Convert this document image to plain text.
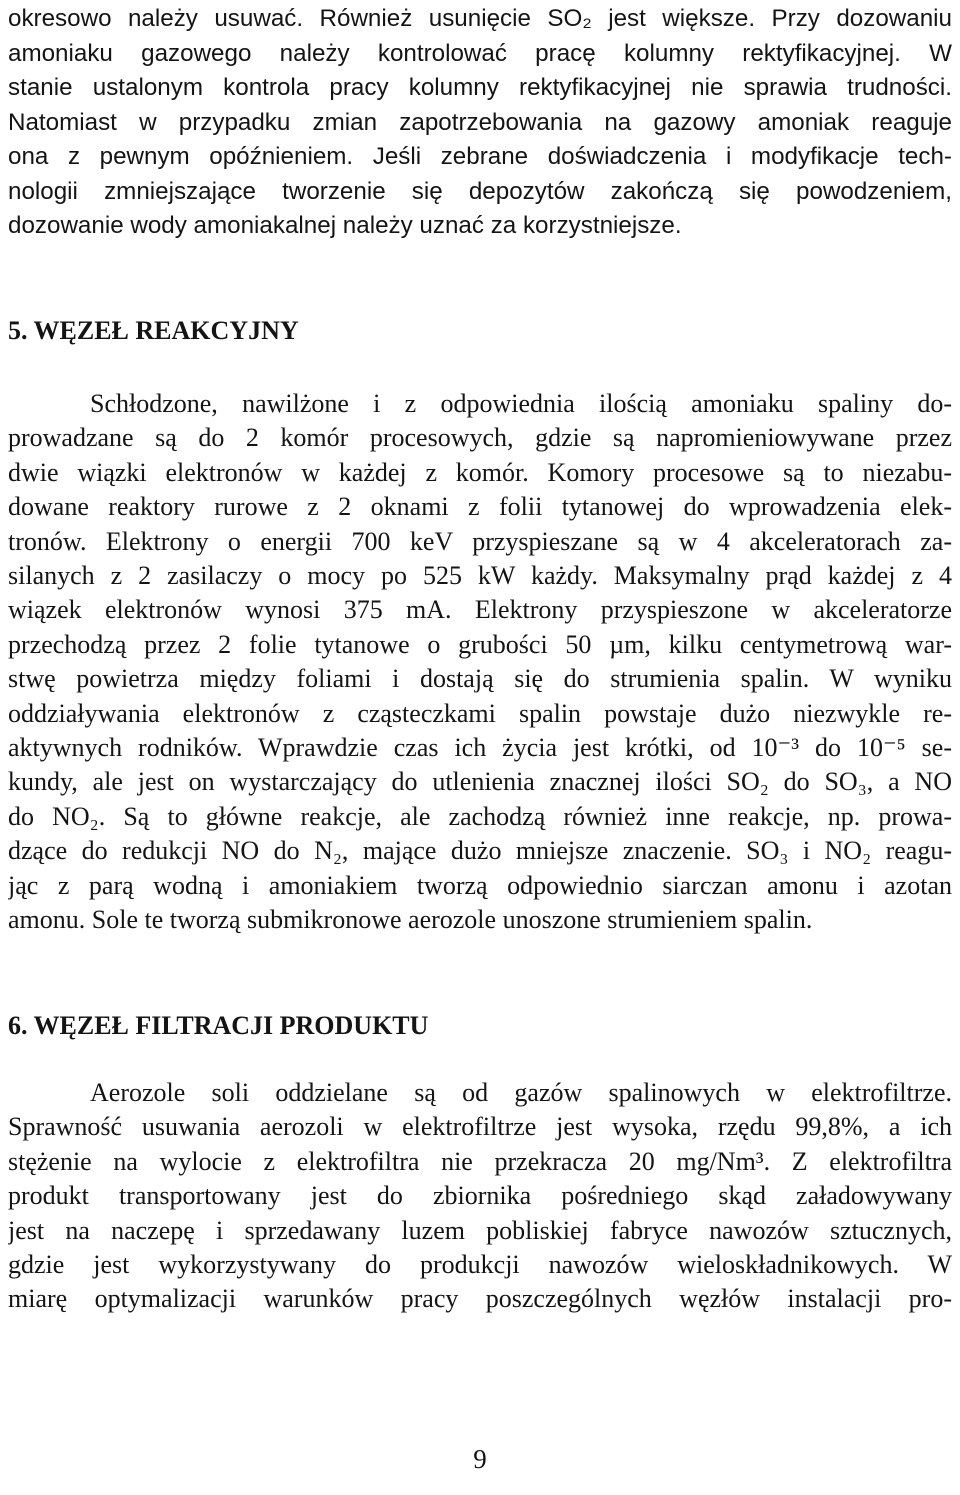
okresowo należy usuwać. Również usunięcie SO₂ jest większe. Przy dozowaniu
amoniaku gazowego należy kontrolować pracę kolumny rektyfikacyjnej. W
stanie ustalonym kontrola pracy kolumny rektyfikacyjnej nie sprawia trudności.
Natomiast w przypadku zmian zapotrzebowania na gazowy amoniak reaguje
ona z pewnym opóźnieniem. Jeśli zebrane doświadczenia i modyfikacje tech-
nologii zmniejszające tworzenie się depozytów zakończą się powodzeniem,
dozowanie wody amoniakalnej należy uznać za korzystniejsze.
5. WĘZEŁ REAKCYJNY
Schłodzone, nawilżone i z odpowiednia ilością amoniaku spaliny do-
prowadzane są do 2 komór procesowych, gdzie są napromieniowywane przez
dwie wiązki elektronów w każdej z komór. Komory procesowe są to niezabu-
dowane reaktory rurowe z 2 oknami z folii tytanowej do wprowadzenia elek-
tronów. Elektrony o energii 700 keV przyspieszane są w 4 akceleratorach za-
silanych z 2 zasilaczy o mocy po 525 kW każdy. Maksymalny prąd każdej z 4
wiązek elektronów wynosi 375 mA. Elektrony przyspieszone w akceleratorze
przechodzą przez 2 folie tytanowe o grubości 50 µm, kilku centymetrową war-
stwę powietrza między foliami i dostają się do strumienia spalin. W wyniku
oddziaływania elektronów z cząsteczkami spalin powstaje dużo niezwykle re-
aktywnych rodników. Wprawdzie czas ich życia jest krótki, od 10⁻³ do 10⁻⁵ se-
kundy, ale jest on wystarczający do utlenienia znacznej ilości SO₂ do SO₃, a NO
do NO₂. Są to główne reakcje, ale zachodzą również inne reakcje, np. prowa-
dzące do redukcji NO do N₂, mające dużo mniejsze znaczenie. SO₃ i NO₂ reagu-
jąc z parą wodną i amoniakiem tworzą odpowiednio siarczan amonu i azotan
amonu. Sole te tworzą submikronowe aerozole unoszone strumieniem spalin.
6. WĘZEŁ FILTRACJI PRODUKTU
Aerozole soli oddzielane są od gazów spalinowych w elektrofiltrze.
Sprawność usuwania aerozoli w elektrofiltrze jest wysoka, rzędu 99,8%, a ich
stężenie na wylocie z elektrofiltra nie przekracza 20 mg/Nm³. Z elektrofiltra
produkt transportowany jest do zbiornika pośredniego skąd załadowywany
jest na naczepę i sprzedawany luzem pobliskiej fabryce nawozów sztucznych,
gdzie jest wykorzystywany do produkcji nawozów wieloskładnikowych. W
miarę optymalizacji warunków pracy poszczególnych węzłów instalacji pro-
9
